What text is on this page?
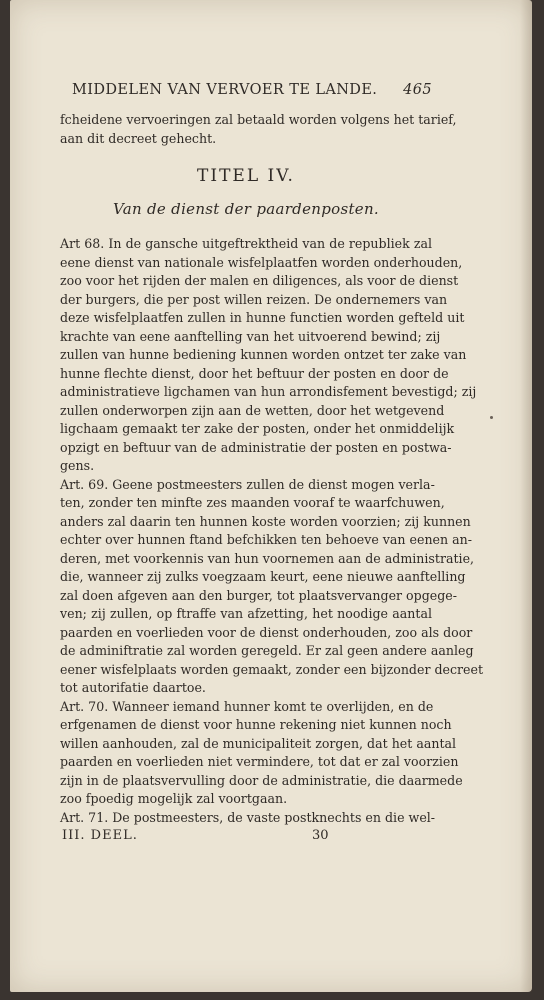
MIDDELEN VAN VERVOER TE LANDE. 465
fcheidene vervoeringen zal betaald worden volgens het tarief,
aan dit decreet gehecht.
TITEL IV.
Van de dienst der paardenposten.
Art 68. In de gansche uitgeftrektheid van de republiek zal
eene dienst van nationale wisfelplaatfen worden onderhouden,
zoo voor het rijden der malen en diligences, als voor de dienst
der burgers, die per post willen reizen. De ondernemers van
deze wisfelplaatfen zullen in hunne functien worden gefteld uit
krachte van eene aanftelling van het uitvoerend bewind; zij
zullen van hunne bediening kunnen worden ontzet ter zake van
hunne flechte dienst, door het beftuur der posten en door de
administratieve ligchamen van hun arrondisfement bevestigd; zij
zullen onderworpen zijn aan de wetten, door het wetgevend
ligchaam gemaakt ter zake der posten, onder het onmiddelijk
opzigt en beftuur van de administratie der posten en postwa-
gens.
Art. 69. Geene postmeesters zullen de dienst mogen verla-
ten, zonder ten minfte zes maanden vooraf te waarfchuwen,
anders zal daarin ten hunnen koste worden voorzien; zij kunnen
echter over hunnen ftand befchikken ten behoeve van eenen an-
deren, met voorkennis van hun voornemen aan de administratie,
die, wanneer zij zulks voegzaam keurt, eene nieuwe aanftelling
zal doen afgeven aan den burger, tot plaatsvervanger opgege-
ven; zij zullen, op ftraffe van afzetting, het noodige aantal
paarden en voerlieden voor de dienst onderhouden, zoo als door
de adminiftratie zal worden geregeld. Er zal geen andere aanleg
eener wisfelplaats worden gemaakt, zonder een bijzonder decreet
tot autorifatie daartoe.
Art. 70. Wanneer iemand hunner komt te overlijden, en de
erfgenamen de dienst voor hunne rekening niet kunnen noch
willen aanhouden, zal de municipaliteit zorgen, dat het aantal
paarden en voerlieden niet vermindere, tot dat er zal voorzien
zijn in de plaatsvervulling door de administratie, die daarmede
zoo fpoedig mogelijk zal voortgaan.
Art. 71. De postmeesters, de vaste postknechts en die wel-
III. DEEL.	30
